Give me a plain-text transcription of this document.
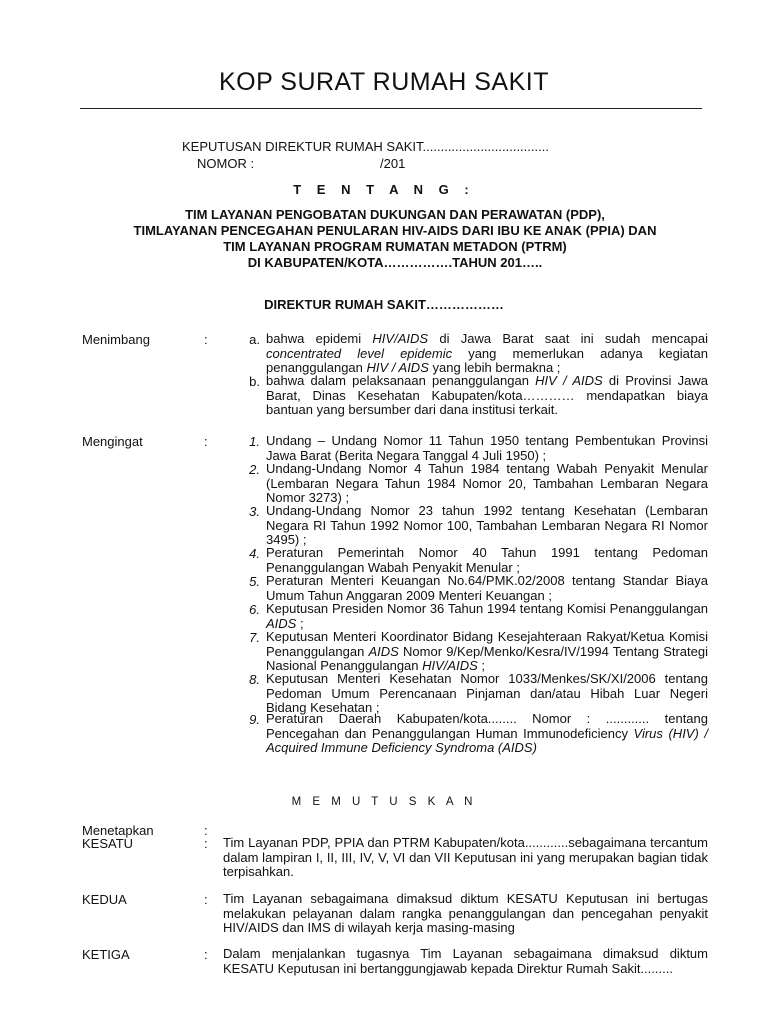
KOP SURAT RUMAH SAKIT
KEPUTUSAN DIREKTUR RUMAH SAKIT...................................
NOMOR :	/201
T E N T A N G :
TIM LAYANAN PENGOBATAN DUKUNGAN DAN PERAWATAN (PDP),
TIMLAYANAN PENCEGAHAN PENULARAN HIV-AIDS DARI IBU KE ANAK (PPIA) DAN
TIM LAYANAN PROGRAM RUMATAN METADON (PTRM)
DI KABUPATEN/KOTA…………….TAHUN 201…..
DIREKTUR RUMAH SAKIT………………
Menimbang	:	a. bahwa epidemi HIV/AIDS di Jawa Barat saat ini sudah mencapai concentrated level epidemic yang memerlukan adanya kegiatan penanggulangan HIV / AIDS yang lebih bermakna ;
b. bahwa dalam pelaksanaan penanggulangan HIV / AIDS di Provinsi Jawa Barat, Dinas Kesehatan Kabupaten/kota………… mendapatkan biaya bantuan yang bersumber dari dana institusi terkait.
Mengingat	:	1. Undang – Undang Nomor 11 Tahun 1950 tentang Pembentukan Provinsi Jawa Barat (Berita Negara Tanggal 4 Juli 1950) ;
2. Undang-Undang Nomor 4 Tahun 1984 tentang Wabah Penyakit Menular (Lembaran Negara Tahun 1984 Nomor 20, Tambahan Lembaran Negara Nomor 3273) ;
3. Undang-Undang Nomor 23 tahun 1992 tentang Kesehatan (Lembaran Negara RI Tahun 1992 Nomor 100, Tambahan Lembaran Negara RI Nomor 3495) ;
4. Peraturan Pemerintah Nomor 40 Tahun 1991 tentang Pedoman Penanggulangan Wabah Penyakit Menular ;
5. Peraturan Menteri Keuangan No.64/PMK.02/2008 tentang Standar Biaya Umum Tahun Anggaran 2009 Menteri Keuangan ;
6. Keputusan Presiden Nomor 36 Tahun 1994 tentang Komisi Penanggulangan AIDS ;
7. Keputusan Menteri Koordinator Bidang Kesejahteraan Rakyat/Ketua Komisi Penanggulangan AIDS Nomor 9/Kep/Menko/Kesra/IV/1994 Tentang Strategi Nasional Penanggulangan HIV/AIDS ;
8. Keputusan Menteri Kesehatan Nomor 1033/Menkes/SK/XI/2006 tentang Pedoman Umum Perencanaan Pinjaman dan/atau Hibah Luar Negeri Bidang Kesehatan ;
9. Peraturan Daerah Kabupaten/kota........ Nomor : ............ tentang Pencegahan dan Penanggulangan Human Immunodeficiency Virus (HIV) / Acquired Immune Deficiency Syndroma (AIDS)
M E M U T U S K A N
Menetapkan	:
KESATU	: Tim Layanan PDP, PPIA dan PTRM Kabupaten/kota............sebagaimana tercantum dalam lampiran I, II, III, IV, V, VI dan VII Keputusan ini yang merupakan bagian tidak terpisahkan.
KEDUA	: Tim Layanan sebagaimana dimaksud diktum KESATU Keputusan ini bertugas melakukan pelayanan dalam rangka penanggulangan dan pencegahan penyakit HIV/AIDS dan IMS di wilayah kerja masing-masing
KETIGA	: Dalam menjalankan tugasnya Tim Layanan sebagaimana dimaksud diktum KESATU Keputusan ini bertanggungjawab kepada Direktur Rumah Sakit.........
